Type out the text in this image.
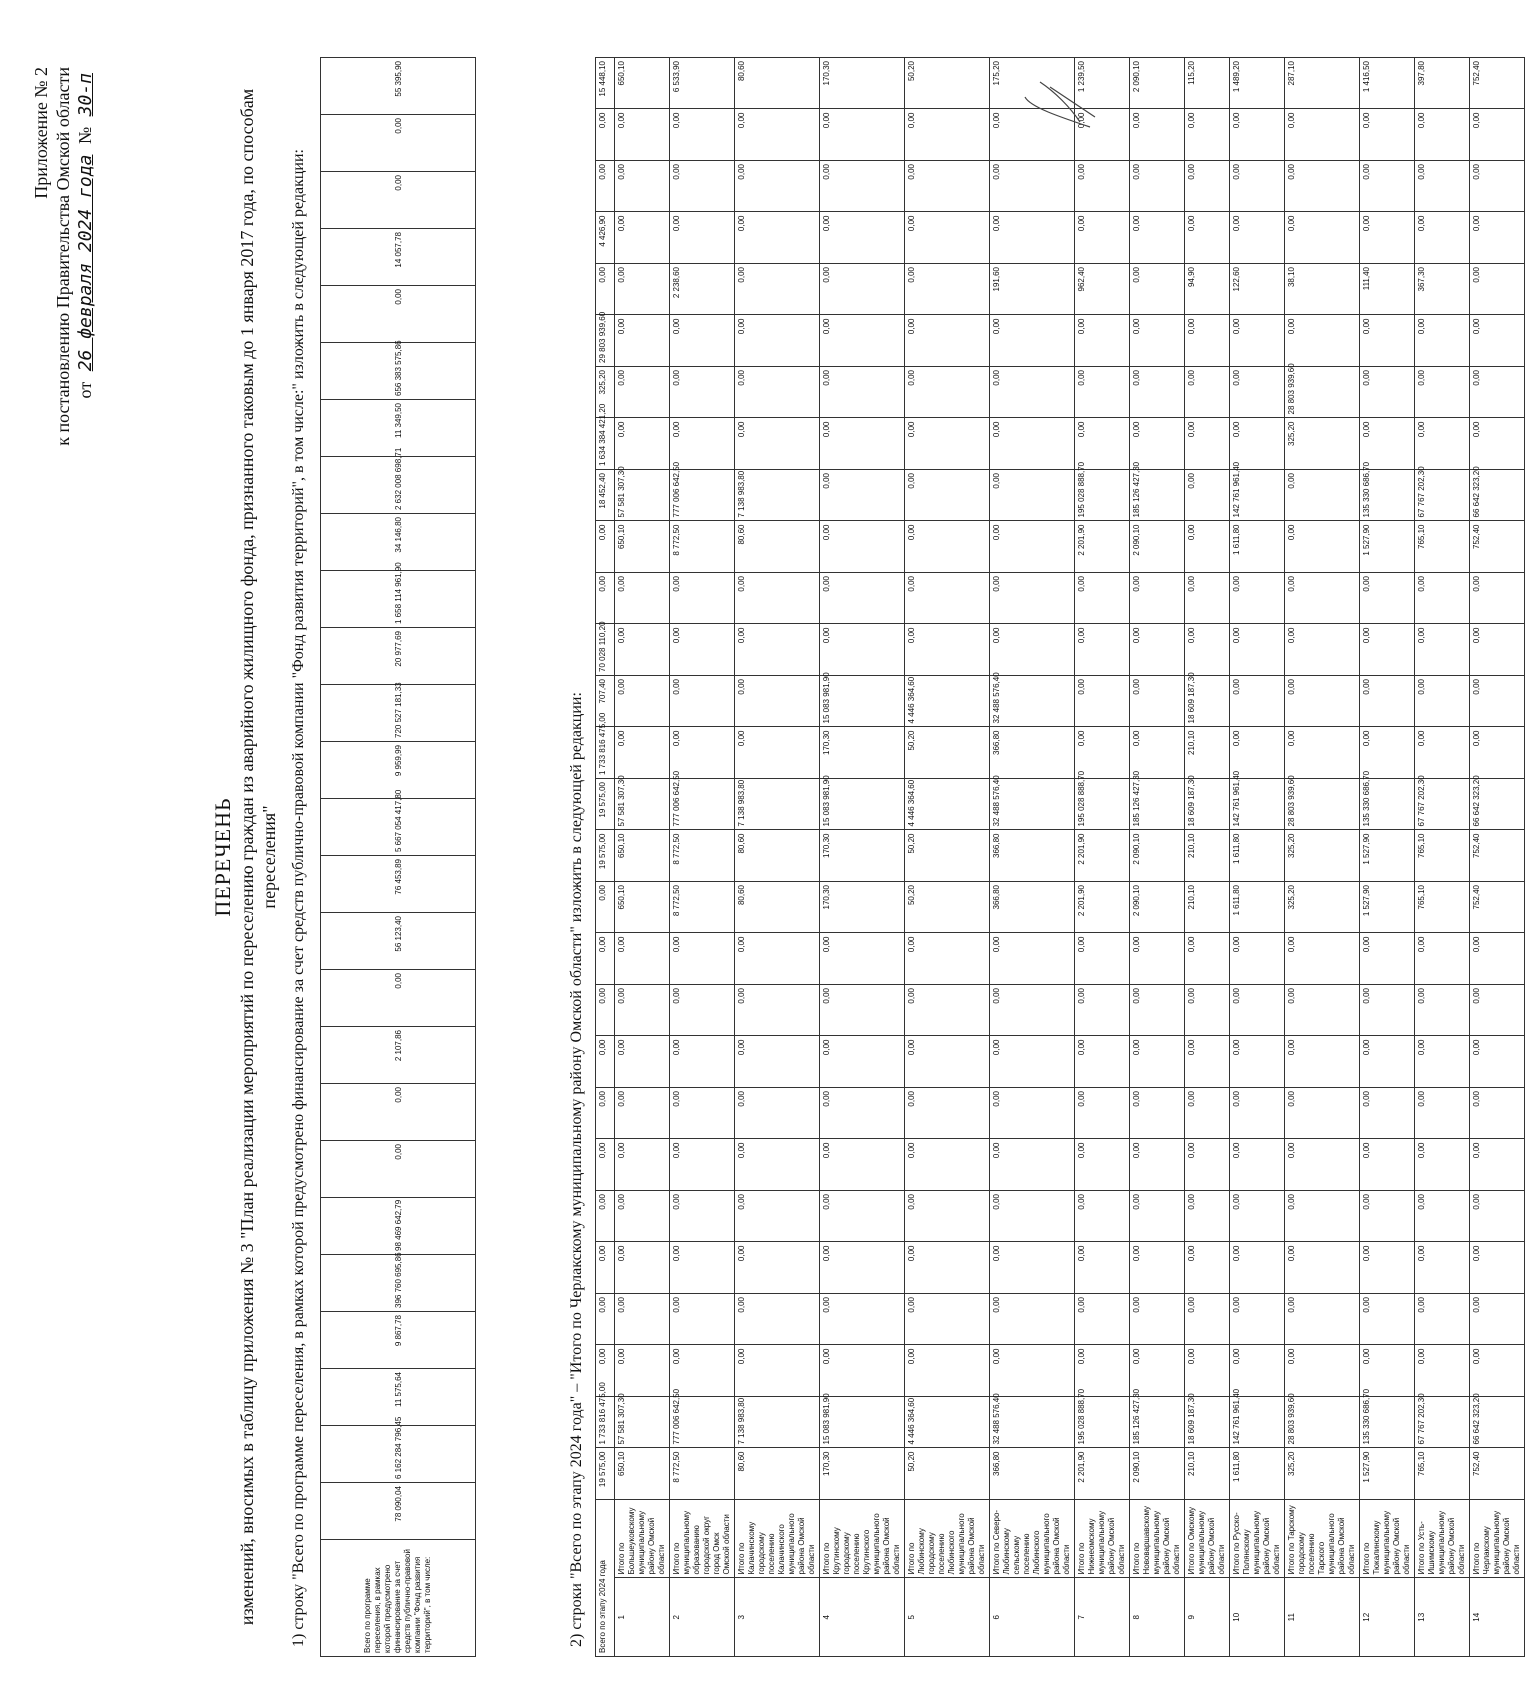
Приложение № 2 к постановлению Правительства Омской области от 26 февраля 2024 года № 30-п
ПЕРЕЧЕНЬ изменений, вносимых в таблицу приложения № 3 "План реализации мероприятий по переселению граждан из аварийного жилищного фонда, признанного таковым до 1 января 2017 года, по способам переселения" 1) строку "Всего по программе переселения, в рамках которой предусмотрено финансирование за счет средств публично-правовой компании "Фонд развития территорий", в том числе:" изложить в следующей редакции:	Всего по программе переселения, в рамках которой предусмотрено финансирование за счет средств публично-правовой компании "Фонд развития территорий", в том числе:	78 090,04	6 162 284 796,45	11 575,64	9 867,78	396 760 695,86	98 469 642,79	0,00	0,00	2 107,86	0,00	56 123,40	76 453,89	5 667 054 417,80	9 959,99	720 527 181,33	20 977,69	1 658 114 961,90	34 146,80	2 632 008 698,71	11 349,50	656 383 575,86	0,00	14 057,78	0,00	0,00	55 395,90
2) строки "Всего по этапу 2024 года" – "Итого по Черлакскому муниципальному району Омской области" изложить в следующей редакции: Всего по этапу 2024 года		19 575,00	1 733 816 475,00	0,00	0,00	0,00	0,00	0,00	0,00	0,00	0,00	0,00	0,00	19 575,00	19 575,00	1 733 816 475,00	707,40	70 028 110,20	0,00	0,00	18 452,40	1 634 384 421,20	325,20	29 803 939,60	0,00	4 426,90	0,00	0,00	15 448,10
1	Итого по Большеуковскому муниципальному району Омской области	650,10	57 581 307,30	0,00	0,00	0,00	0,00	0,00	0,00	0,00	0,00	0,00	650,10	650,10	57 581 307,30	0,00	0,00	0,00	0,00	650,10	57 581 307,30	0,00	0,00	0,00	0,00	0,00	0,00	0,00	650,10
2	Итого по муниципальному образованию городской округ город Омск Омской области	8 772,50	777 006 642,50	0,00	0,00	0,00	0,00	0,00	0,00	0,00	0,00	0,00	8 772,50	8 772,50	777 006 642,50	0,00	0,00	0,00	0,00	8 772,50	777 006 642,50	0,00	0,00	0,00	2 238,60	0,00	0,00	0,00	6 533,90
3	Итого по Калачинскому городскому поселению Калачинского муниципального района Омской области	80,60	7 138 983,80	0,00	0,00	0,00	0,00	0,00	0,00	0,00	0,00	0,00	80,60	80,60	7 138 983,80	0,00	0,00	0,00	0,00	80,60	7 138 983,80	0,00	0,00	0,00	0,00	0,00	0,00	0,00	80,60
4	Итого по Крутинскому городскому поселению Крутинского муниципального района Омской области	170,30	15 083 981,90	0,00	0,00	0,00	0,00	0,00	0,00	0,00	0,00	0,00	170,30	170,30	15 083 981,90	170,30	15 083 981,90	0,00	0,00	0,00	0,00	0,00	0,00	0,00	0,00	0,00	0,00	0,00	170,30
5	Итого по Любинскому городскому поселению Любинского муниципального района Омской области	50,20	4 446 364,60	0,00	0,00	0,00	0,00	0,00	0,00	0,00	0,00	0,00	50,20	50,20	4 446 364,60	50,20	4 446 364,60	0,00	0,00	0,00	0,00	0,00	0,00	0,00	0,00	0,00	0,00	0,00	50,20
6	Итого по Северо-Любинскому сельскому поселению Любинского муниципального района Омской области	366,80	32 488 576,40	0,00	0,00	0,00	0,00	0,00	0,00	0,00	0,00	0,00	366,80	366,80	32 488 576,40	366,80	32 488 576,40	0,00	0,00	0,00	0,00	0,00	0,00	0,00	191,60	0,00	0,00	0,00	175,20
7	Итого по Нижнеомскому муниципальному району Омской области	2 201,90	195 028 888,70	0,00	0,00	0,00	0,00	0,00	0,00	0,00	0,00	0,00	2 201,90	2 201,90	195 028 888,70	0,00	0,00	0,00	0,00	2 201,90	195 028 888,70	0,00	0,00	0,00	962,40	0,00	0,00	0,00	1 239,50
8	Итого по Нововаршавскому муниципальному району Омской области	2 090,10	185 126 427,30	0,00	0,00	0,00	0,00	0,00	0,00	0,00	0,00	0,00	2 090,10	2 090,10	185 126 427,30	0,00	0,00	0,00	0,00	2 090,10	185 126 427,30	0,00	0,00	0,00	0,00	0,00	0,00	0,00	2 090,10
9	Итого по Омскому муниципальному району Омской области	210,10	18 609 187,30	0,00	0,00	0,00	0,00	0,00	0,00	0,00	0,00	0,00	210,10	210,10	18 609 187,30	210,10	18 609 187,30	0,00	0,00	0,00	0,00	0,00	0,00	0,00	94,90	0,00	0,00	0,00	115,20
10	Итого по Русско-Полянскому муниципальному району Омской области	1 611,80	142 761 961,40	0,00	0,00	0,00	0,00	0,00	0,00	0,00	0,00	0,00	1 611,80	1 611,80	142 761 961,40	0,00	0,00	0,00	0,00	1 611,80	142 761 961,40	0,00	0,00	0,00	122,60	0,00	0,00	0,00	1 489,20
11	Итого по Тарскому городскому поселению Тарского муниципального района Омской области	325,20	28 803 939,60	0,00	0,00	0,00	0,00	0,00	0,00	0,00	0,00	0,00	325,20	325,20	28 803 939,60	0,00	0,00	0,00	0,00	0,00	0,00	325,20	28 803 939,60	0,00	38,10	0,00	0,00	0,00	287,10
12	Итого по Тюкалинскому муниципальному району Омской области	1 527,90	135 330 686,70	0,00	0,00	0,00	0,00	0,00	0,00	0,00	0,00	0,00	1 527,90	1 527,90	135 330 686,70	0,00	0,00	0,00	0,00	1 527,90	135 330 686,70	0,00	0,00	0,00	111,40	0,00	0,00	0,00	1 416,50
13	Итого по Усть-Ишимскому муниципальному району Омской области	765,10	67 767 202,30	0,00	0,00	0,00	0,00	0,00	0,00	0,00	0,00	0,00	765,10	765,10	67 767 202,30	0,00	0,00	0,00	0,00	765,10	67 767 202,30	0,00	0,00	0,00	367,30	0,00	0,00	0,00	397,80
14	Итого по Черлакскому муниципальному району Омской области	752,40	66 642 323,20	0,00	0,00	0,00	0,00	0,00	0,00	0,00	0,00	0,00	752,40	752,40	66 642 323,20	0,00	0,00	0,00	0,00	752,40	66 642 323,20	0,00	0,00	0,00	0,00	0,00	0,00	0,00	752,40
